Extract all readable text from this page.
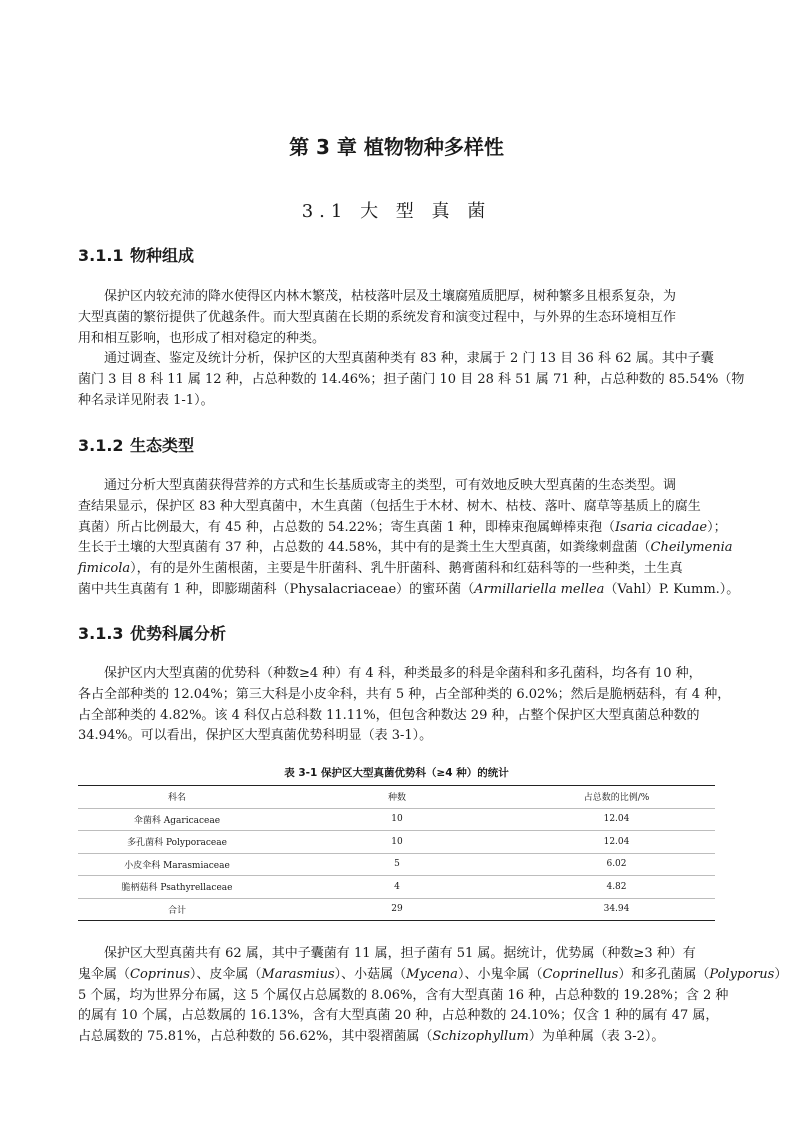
第 3 章 植物物种多样性
3.1 大 型 真 菌
3.1.1 物种组成
保护区内较充沛的降水使得区内林木繁茂，枯枝落叶层及土壤腐殖质肥厚，树种繁多且根系复杂，为
大型真菌的繁衍提供了优越条件。而大型真菌在长期的系统发育和演变过程中，与外界的生态环境相互作
用和相互影响，也形成了相对稳定的种类。
通过调查、鉴定及统计分析，保护区的大型真菌种类有 83 种，隶属于 2 门 13 目 36 科 62 属。其中子囊
菌门 3 目 8 科 11 属 12 种，占总种数的 14.46%；担子菌门 10 目 28 科 51 属 71 种，占总种数的 85.54%（物
种名录详见附表 1-1）。
3.1.2 生态类型
通过分析大型真菌获得营养的方式和生长基质或寄主的类型，可有效地反映大型真菌的生态类型。调
查结果显示，保护区 83 种大型真菌中，木生真菌（包括生于木材、树木、枯枝、落叶、腐草等基质上的腐生
真菌）所占比例最大，有 45 种，占总数的 54.22%；寄生真菌 1 种，即棒束孢属蝉棒束孢（Isaria cicadae）；
生长于土壤的大型真菌有 37 种，占总数的 44.58%，其中有的是粪土生大型真菌，如粪缘刺盘菌（Cheilymenia
fimicola），有的是外生菌根菌，主要是牛肝菌科、乳牛肝菌科、鹅膏菌科和红菇科等的一些种类，土生真
菌中共生真菌有 1 种，即膨瑚菌科（Physalacriaceae）的蜜环菌（Armillariella mellea（Vahl）P. Kumm.）。
3.1.3 优势科属分析
保护区内大型真菌的优势科（种数≥4 种）有 4 科，种类最多的科是伞菌科和多孔菌科，均各有 10 种，
各占全部种类的 12.04%；第三大科是小皮伞科，共有 5 种，占全部种类的 6.02%；然后是脆柄菇科，有 4 种，
占全部种类的 4.82%。该 4 科仅占总科数 11.11%，但包含种数达 29 种，占整个保护区大型真菌总种数的
34.94%。可以看出，保护区大型真菌优势科明显（表 3-1）。
表 3-1 保护区大型真菌优势科（≥4 种）的统计
科名	种数	占总数的比例/%
伞菌科 Agaricaceae	10	12.04
多孔菌科 Polyporaceae	10	12.04
小皮伞科 Marasmiaceae	5	6.02
脆柄菇科 Psathyrellaceae	4	4.82
合计	29	34.94
保护区大型真菌共有 62 属，其中子囊菌有 11 属，担子菌有 51 属。据统计，优势属（种数≥3 种）有
鬼伞属（Coprinus）、皮伞属（Marasmius）、小菇属（Mycena）、小鬼伞属（Coprinellus）和多孔菌属（Polyporus）
5 个属，均为世界分布属，这 5 个属仅占总属数的 8.06%，含有大型真菌 16 种，占总种数的 19.28%；含 2 种
的属有 10 个属，占总数属的 16.13%，含有大型真菌 20 种，占总种数的 24.10%；仅含 1 种的属有 47 属，
占总属数的 75.81%，占总种数的 56.62%，其中裂褶菌属（Schizophyllum）为单种属（表 3-2）。
